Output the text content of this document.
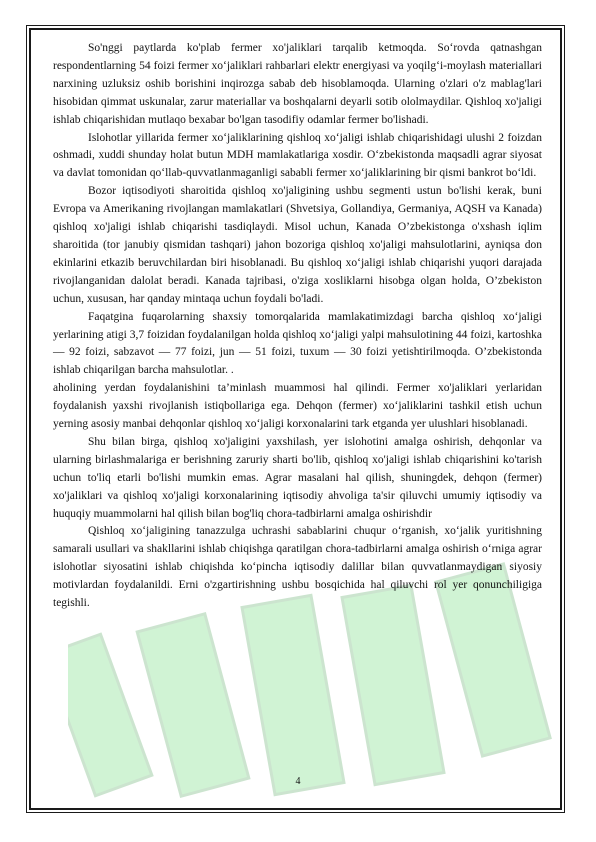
So'nggi paytlarda ko'plab fermer xo'jaliklari tarqalib ketmoqda. So‘rovda qatnashgan respondentlarning 54 foizi fermer xo‘jaliklari rahbarlari elektr energiyasi va yoqilg‘i-moylash materiallari narxining uzluksiz oshib borishini inqirozga sabab deb hisoblamoqda. Ularning o'zlari o'z mablag'lari hisobidan qimmat uskunalar, zarur materiallar va boshqalarni deyarli sotib ololmaydilar. Qishloq xo'jaligi ishlab chiqarishidan mutlaqo bexabar bo'lgan tasodifiy odamlar fermer bo'lishadi.

Islohotlar yillarida fermer xo‘jaliklarining qishloq xo‘jaligi ishlab chiqarishidagi ulushi 2 foizdan oshmadi, xuddi shunday holat butun MDH mamlakatlariga xosdir. O‘zbekistonda maqsadli agrar siyosat va davlat tomonidan qo‘llab-quvvatlanmaganligi sababli fermer xo‘jaliklarining bir qismi bankrot bo‘ldi.

Bozor iqtisodiyoti sharoitida qishloq xo'jaligining ushbu segmenti ustun bo'lishi kerak, buni Evropa va Amerikaning rivojlangan mamlakatlari (Shvetsiya, Gollandiya, Germaniya, AQSH va Kanada) qishloq xo'jaligi ishlab chiqarishi tasdiqlaydi. Misol uchun, Kanada O’zbekistonga o'xshash iqlim sharoitida (tor janubiy qismidan tashqari) jahon bozoriga qishloq xo'jaligi mahsulotlarini, ayniqsa don ekinlarini etkazib beruvchilardan biri hisoblanadi. Bu qishloq xo‘jaligi ishlab chiqarishi yuqori darajada rivojlanganidan dalolat beradi. Kanada tajribasi, o'ziga xosliklarni hisobga olgan holda, O’zbekiston uchun, xususan, har qanday mintaqa uchun foydali bo'ladi.

Faqatgina fuqarolarning shaxsiy tomorqalarida mamlakatimizdagi barcha qishloq xo‘jaligi yerlarining atigi 3,7 foizidan foydalanilgan holda qishloq xo‘jaligi yalpi mahsulotining 44 foizi, kartoshka — 92 foizi, sabzavot — 77 foizi, jun — 51 foizi, tuxum — 30 foizi yetishtirilmoqda. O’zbekistonda ishlab chiqarilgan barcha mahsulotlar. .

aholining yerdan foydalanishini ta’minlash muammosi hal qilindi. Fermer xo'jaliklari yerlaridan foydalanish yaxshi rivojlanish istiqbollariga ega. Dehqon (fermer) xo‘jaliklarini tashkil etish uchun yerning asosiy manbai dehqonlar qishloq xo‘jaligi korxonalarini tark etganda yer ulushlari hisoblanadi.

Shu bilan birga, qishloq xo'jaligini yaxshilash, yer islohotini amalga oshirish, dehqonlar va ularning birlashmalariga er berishning zaruriy sharti bo'lib, qishloq xo'jaligi ishlab chiqarishini ko'tarish uchun to'liq etarli bo'lishi mumkin emas. Agrar masalani hal qilish, shuningdek, dehqon (fermer) xo'jaliklari va qishloq xo'jaligi korxonalarining iqtisodiy ahvoliga ta'sir qiluvchi umumiy iqtisodiy va huquqiy muammolarni hal qilish bilan bog'liq chora-tadbirlarni amalga oshirishdir

Qishloq xo‘jaligining tanazzulga uchrashi sabablarini chuqur o‘rganish, xo‘jalik yuritishning samarali usullari va shakllarini ishlab chiqishga qaratilgan chora-tadbirlarni amalga oshirish o‘rniga agrar islohotlar siyosatini ishlab chiqishda ko‘pincha iqtisodiy dalillar bilan quvvatlanmaydigan siyosiy motivlardan foydalanildi. Erni o'zgartirishning ushbu bosqichida hal qiluvchi rol yer qonunchiligiga tegishli.

4
